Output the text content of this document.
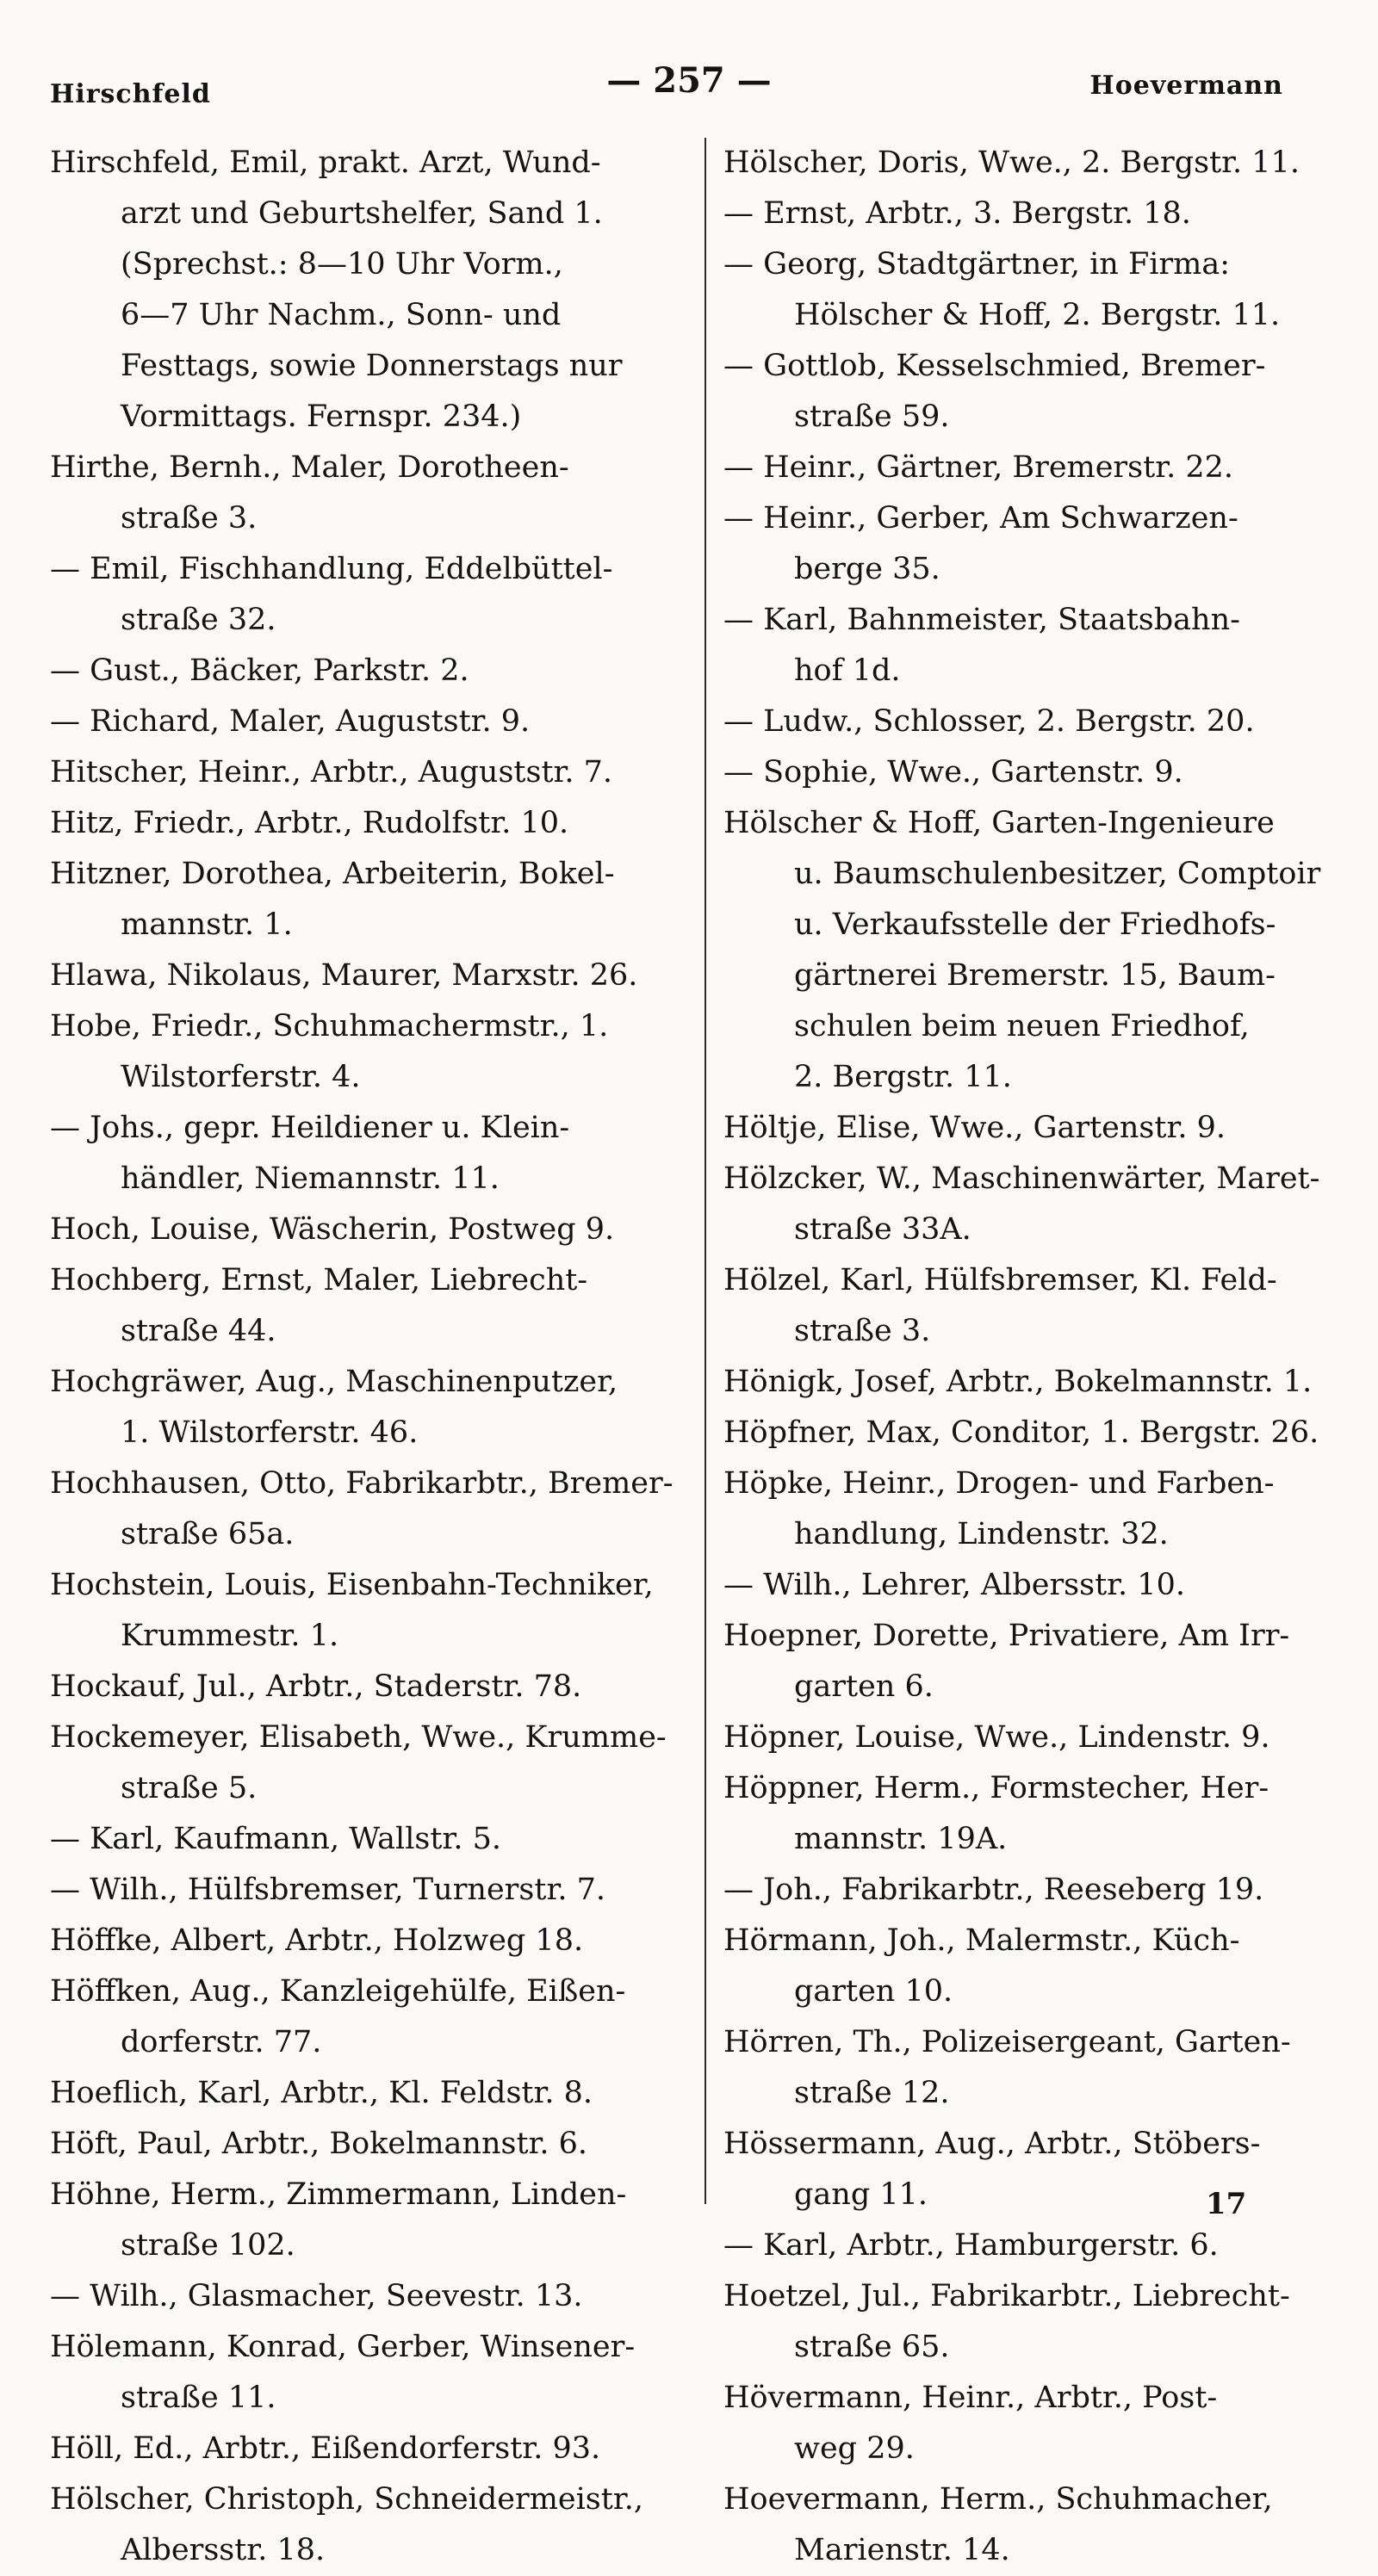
Hirschfeld	— 257 —	Hoevermann
Hirschfeld, Emil, prakt. Arzt, Wund-
arzt und Geburtshelfer, Sand 1.
(Sprechst.: 8—10 Uhr Vorm.,
6—7 Uhr Nachm., Sonn- und
Festtags, sowie Donnerstags nur
Vormittags. Fernspr. 234.)
Hirthe, Bernh., Maler, Dorotheen-
straße 3.
— Emil, Fischhandlung, Eddelbüttel-
straße 32.
— Gust., Bäcker, Parkstr. 2.
— Richard, Maler, Auguststr. 9.
Hitscher, Heinr., Arbtr., Auguststr. 7.
Hitz, Friedr., Arbtr., Rudolfstr. 10.
Hitzner, Dorothea, Arbeiterin, Bokel-
mannstr. 1.
Hlawa, Nikolaus, Maurer, Marxstr. 26.
Hobe, Friedr., Schuhmachermstr., 1.
Wilstorferstr. 4.
— Johs., gepr. Heildiener u. Klein-
händler, Niemannstr. 11.
Hoch, Louise, Wäscherin, Postweg 9.
Hochberg, Ernst, Maler, Liebrecht-
straße 44.
Hochgräwer, Aug., Maschinenputzer,
1. Wilstorferstr. 46.
Hochhausen, Otto, Fabrikarbtr., Bremer-
straße 65a.
Hochstein, Louis, Eisenbahn-Techniker,
Krummestr. 1.
Hockauf, Jul., Arbtr., Staderstr. 78.
Hockemeyer, Elisabeth, Wwe., Krumme-
straße 5.
— Karl, Kaufmann, Wallstr. 5.
— Wilh., Hülfsbremser, Turnerstr. 7.
Höffke, Albert, Arbtr., Holzweg 18.
Höffken, Aug., Kanzleigehülfe, Eißen-
dorferstr. 77.
Hoeflich, Karl, Arbtr., Kl. Feldstr. 8.
Höft, Paul, Arbtr., Bokelmannstr. 6.
Höhne, Herm., Zimmermann, Linden-
straße 102.
— Wilh., Glasmacher, Seevestr. 13.
Hölemann, Konrad, Gerber, Winsener-
straße 11.
Höll, Ed., Arbtr., Eißendorferstr. 93.
Hölscher, Christoph, Schneidermeistr.,
Albersstr. 18.
Hölscher, Doris, Wwe., 2. Bergstr. 11.
— Ernst, Arbtr., 3. Bergstr. 18.
— Georg, Stadtgärtner, in Firma:
Hölscher & Hoff, 2. Bergstr. 11.
— Gottlob, Kesselschmied, Bremer-
straße 59.
— Heinr., Gärtner, Bremerstr. 22.
— Heinr., Gerber, Am Schwarzen-
berge 35.
— Karl, Bahnmeister, Staatsbahn-
hof 1d.
— Ludw., Schlosser, 2. Bergstr. 20.
— Sophie, Wwe., Gartenstr. 9.
Hölscher & Hoff, Garten-Ingenieure
u. Baumschulenbesitzer, Comptoir
u. Verkaufsstelle der Friedhofs-
gärtnerei Bremerstr. 15, Baum-
schulen beim neuen Friedhof,
2. Bergstr. 11.
Höltje, Elise, Wwe., Gartenstr. 9.
Hölzcker, W., Maschinenwärter, Maret-
straße 33A.
Hölzel, Karl, Hülfsbremser, Kl. Feld-
straße 3.
Hönigk, Josef, Arbtr., Bokelmannstr. 1.
Höpfner, Max, Conditor, 1. Bergstr. 26.
Höpke, Heinr., Drogen- und Farben-
handlung, Lindenstr. 32.
— Wilh., Lehrer, Albersstr. 10.
Hoepner, Dorette, Privatiere, Am Irr-
garten 6.
Höpner, Louise, Wwe., Lindenstr. 9.
Höppner, Herm., Formstecher, Her-
mannstr. 19A.
— Joh., Fabrikarbtr., Reeseberg 19.
Hörmann, Joh., Malermstr., Küch-
garten 10.
Hörren, Th., Polizeisergeant, Garten-
straße 12.
Hössermann, Aug., Arbtr., Stöbers-
gang 11.
— Karl, Arbtr., Hamburgerstr. 6.
Hoetzel, Jul., Fabrikarbtr., Liebrecht-
straße 65.
Hövermann, Heinr., Arbtr., Post-
weg 29.
Hoevermann, Herm., Schuhmacher,
Marienstr. 14.
17
